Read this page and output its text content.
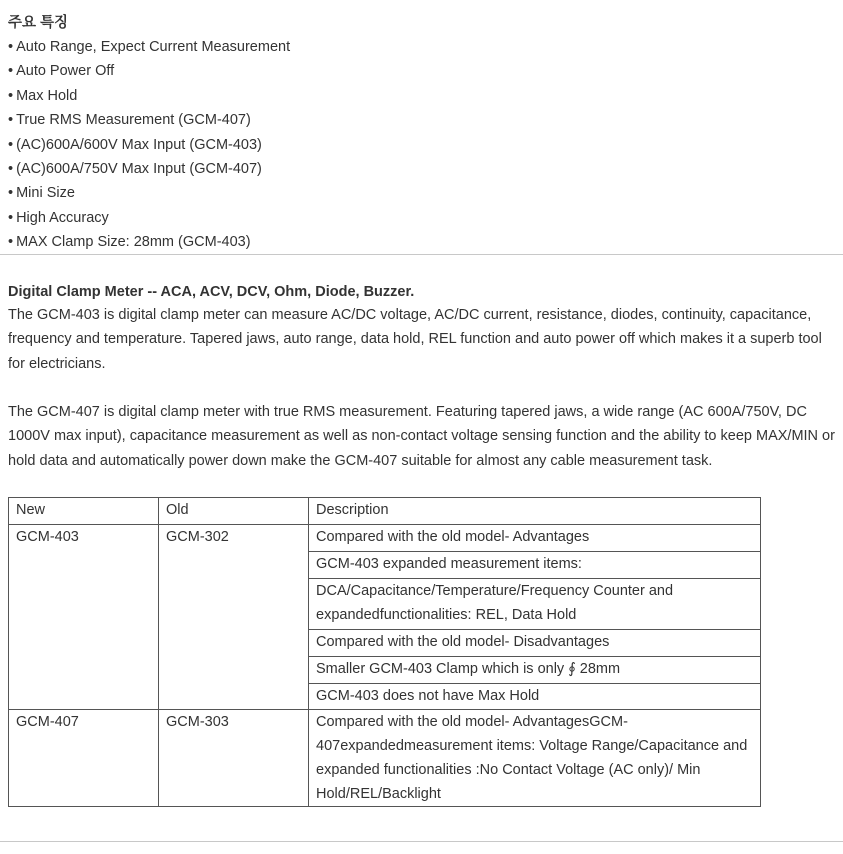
주요 특징
• Auto Range, Expect Current Measurement
• Auto Power Off
• Max Hold
• True RMS Measurement (GCM-407)
• (AC)600A/600V Max Input (GCM-403)
• (AC)600A/750V Max Input (GCM-407)
• Mini Size
• High Accuracy
• MAX Clamp Size: 28mm (GCM-403)
Digital Clamp Meter -- ACA, ACV, DCV, Ohm, Diode, Buzzer.

The GCM-403 is digital clamp meter can measure AC/DC voltage, AC/DC current, resistance, diodes, continuity, capacitance, frequency and temperature. Tapered jaws, auto range, data hold, REL function and auto power off which makes it a superb tool for electricians.

The GCM-407 is digital clamp meter with true RMS measurement. Featuring tapered jaws, a wide range (AC 600A/750V, DC 1000V max input), capacitance measurement as well as non-contact voltage sensing function and the ability to keep MAX/MIN or hold data and automatically power down make the GCM-407 suitable for almost any cable measurement task.

New	Old	Description
GCM-403	GCM-302	Compared with the old model- Advantages
		GCM-403 expanded measurement items:
		DCA/Capacitance/Temperature/Frequency Counter and expandedfunctionalities: REL, Data Hold
		Compared with the old model- Disadvantages
		Smaller GCM-403 Clamp which is only ∮ 28mm
		GCM-403 does not have Max Hold
GCM-407	GCM-303	Compared with the old model- AdvantagesGCM-407expandedmeasurement items: Voltage Range/Capacitance and expanded functionalities :No Contact Voltage (AC only)/ Min Hold/REL/Backlight
